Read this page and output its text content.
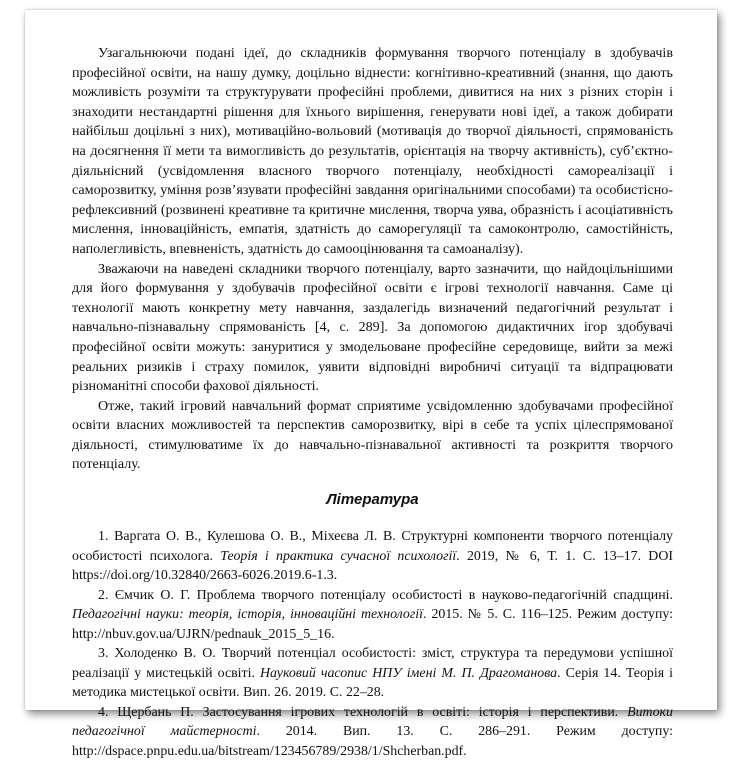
Узагальнюючи подані ідеї, до складників формування творчого потенціалу в здобувачів професійної освіти, на нашу думку, доцільно віднести: когнітивно-креативний (знання, що дають можливість розуміти та структурувати професійні проблеми, дивитися на них з різних сторін і знаходити нестандартні рішення для їхнього вирішення, генерувати нові ідеї, а також добирати найбільш доцільні з них), мотиваційно-вольовий (мотивація до творчої діяльності, спрямованість на досягнення її мети та вимогливість до результатів, орієнтація на творчу активність), суб’єктно-діяльнісний (усвідомлення власного творчого потенціалу, необхідності самореалізації і саморозвитку, уміння розв’язувати професійні завдання оригінальними способами) та особистісно-рефлексивний (розвинені креативне та критичне мислення, творча уява, образність і асоціативність мислення, інноваційність, емпатія, здатність до саморегуляції та самоконтролю, самостійність, наполегливість, впевненість, здатність до самооцінювання та самоаналізу).

Зважаючи на наведені складники творчого потенціалу, варто зазначити, що найдоцільнішими для його формування у здобувачів професійної освіти є ігрові технології навчання. Саме ці технології мають конкретну мету навчання, заздалегідь визначений педагогічний результат і навчально-пізнавальну спрямованість [4, с. 289]. За допомогою дидактичних ігор здобувачі професійної освіти можуть: зануритися у змодельоване професійне середовище, вийти за межі реальних ризиків і страху помилок, уявити відповідні виробничі ситуації та відпрацювати різноманітні способи фахової діяльності.

Отже, такий ігровий навчальний формат сприятиме усвідомленню здобувачами професійної освіти власних можливостей та перспектив саморозвитку, вірі в себе та успіх цілеспрямованої діяльності, стимулюватиме їх до навчально-пізнавальної активності та розкриття творчого потенціалу.

Література

1. Варгата О. В., Кулешова О. В., Міхеєва Л. В. Структурні компоненти творчого потенціалу особистості психолога. Теорія і практика сучасної психології. 2019, № 6, Т. 1. С. 13–17. DOI https://doi.org/10.32840/2663-6026.2019.6-1.3.

2. Ємчик О. Г. Проблема творчого потенціалу особистості в науково-педагогічній спадщині. Педагогічні науки: теорія, історія, інноваційні технології. 2015. № 5. С. 116–125. Режим доступу: http://nbuv.gov.ua/UJRN/pednauk_2015_5_16.

3. Холоденко В. О. Творчий потенціал особистості: зміст, структура та передумови успішної реалізації у мистецькій освіті. Науковий часопис НПУ імені М. П. Драгоманова. Серія 14. Теорія і методика мистецької освіти. Вип. 26. 2019. С. 22–28.

4. Щербань П. Застосування ігрових технологій в освіті: історія і перспективи. Витоки педагогічної майстерності. 2014. Вип. 13. С. 286–291. Режим доступу: http://dspace.pnpu.edu.ua/bitstream/123456789/2938/1/Shcherban.pdf.
